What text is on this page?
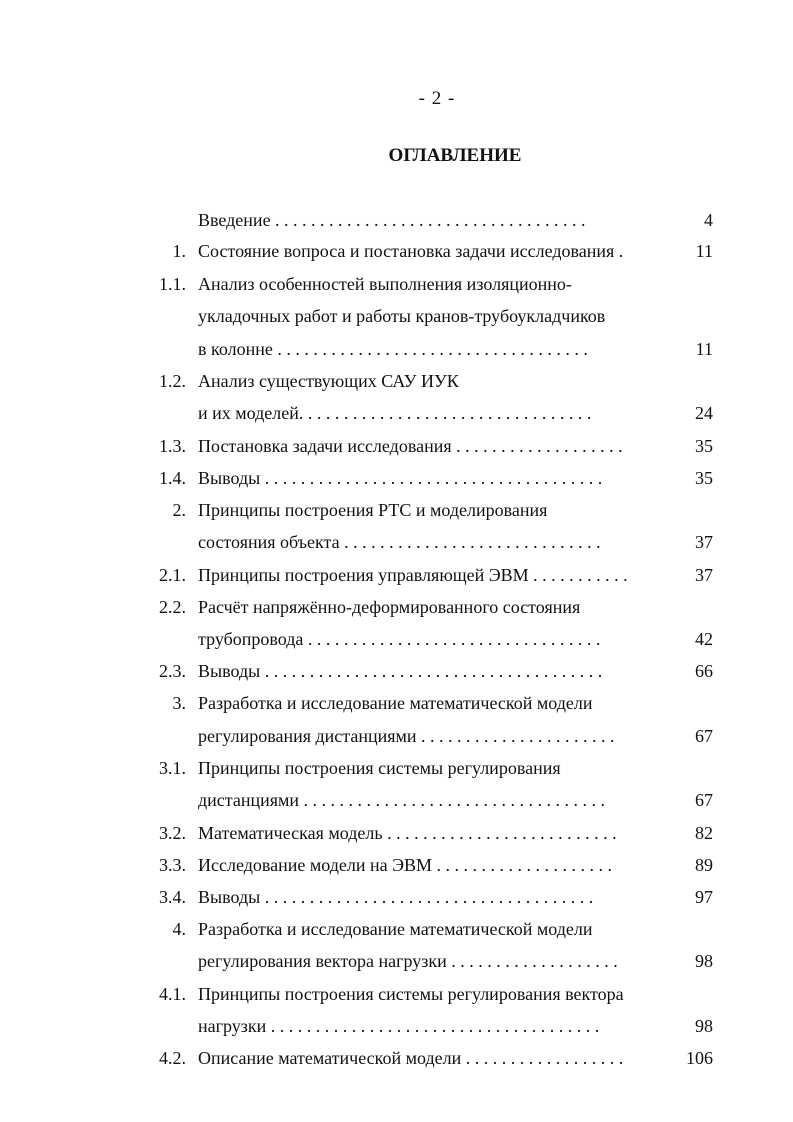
- 2 -
ОГЛАВЛЕНИЕ
Введение . . . . . . . . . . . . . . . . . . . . . . . . . . . . . . . . . . .	4
1. Состояние вопроса и постановка задачи исследования .	11
1.1. Анализ особенностей выполнения изоляционно-
укладочных работ и работы кранов-трубоукладчиков
в колонне . . . . . . . . . . . . . . . . . . . . . . . . . . . . . . . . . . .	11
1.2. Анализ существующих САУ ИУК
и их моделей. . . . . . . . . . . . . . . . . . . . . . . . . . . . . . . . .	24
1.3. Постановка задачи исследования . . . . . . . . . . . . . . . . . . .	35
1.4. Выводы . . . . . . . . . . . . . . . . . . . . . . . . . . . . . . . . . . . . . .	35
2. Принципы построения РТС и моделирования
состояния объекта . . . . . . . . . . . . . . . . . . . . . . . . . . . . .	37
2.1. Принципы построения управляющей ЭВМ . . . . . . . . . . .	37
2.2. Расчёт напряжённо-деформированного состояния
трубопровода . . . . . . . . . . . . . . . . . . . . . . . . . . . . . . . . .	42
2.3. Выводы . . . . . . . . . . . . . . . . . . . . . . . . . . . . . . . . . . . . . .	66
3. Разработка и исследование математической модели
регулирования дистанциями . . . . . . . . . . . . . . . . . . . . . .	67
3.1. Принципы построения системы регулирования
дистанциями . . . . . . . . . . . . . . . . . . . . . . . . . . . . . . . . . .	67
3.2. Математическая модель . . . . . . . . . . . . . . . . . . . . . . . . . .	82
3.3. Исследование модели на ЭВМ . . . . . . . . . . . . . . . . . . . .	89
3.4. Выводы . . . . . . . . . . . . . . . . . . . . . . . . . . . . . . . . . . . . .	97
4. Разработка и исследование математической модели
регулирования вектора нагрузки . . . . . . . . . . . . . . . . . . .	98
4.1. Принципы построения системы регулирования вектора
нагрузки . . . . . . . . . . . . . . . . . . . . . . . . . . . . . . . . . . . . .	98
4.2. Описание математической модели . . . . . . . . . . . . . . . . . .	106
